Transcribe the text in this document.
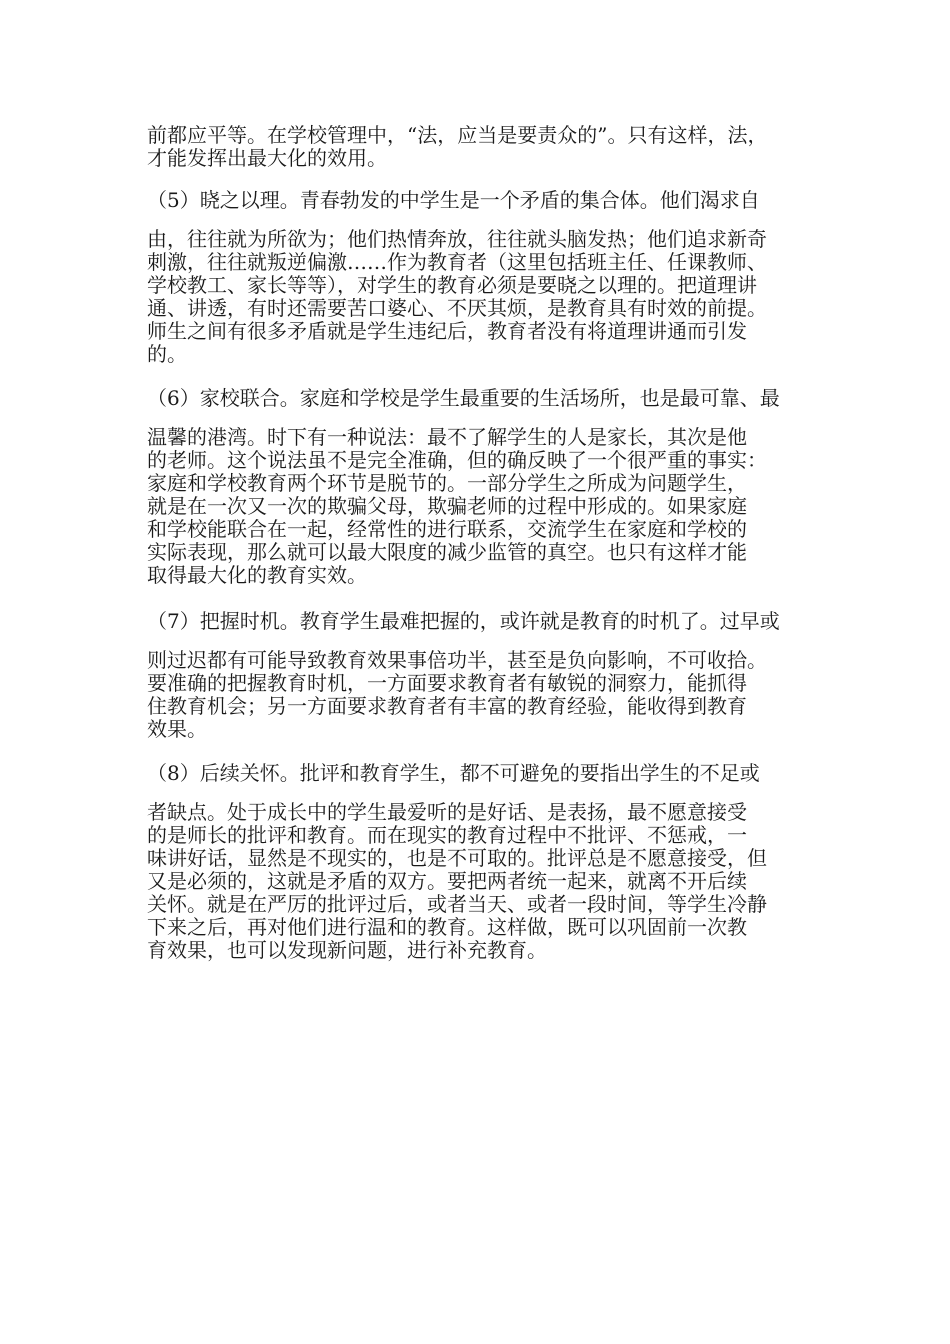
前都应平等。在学校管理中，“法，应当是要责众的”。只有这样，法，
才能发挥出最大化的效用。
（5）晓之以理。青春勃发的中学生是一个矛盾的集合体。他们渴求自
由，往往就为所欲为；他们热情奔放，往往就头脑发热；他们追求新奇
刺激，往往就叛逆偏激……作为教育者（这里包括班主任、任课教师、
学校教工、家长等等），对学生的教育必须是要晓之以理的。把道理讲
通、讲透，有时还需要苦口婆心、不厌其烦，是教育具有时效的前提。
师生之间有很多矛盾就是学生违纪后，教育者没有将道理讲通而引发
的。
（6）家校联合。家庭和学校是学生最重要的生活场所，也是最可靠、最
温馨的港湾。时下有一种说法：最不了解学生的人是家长，其次是他
的老师。这个说法虽不是完全准确，但的确反映了一个很严重的事实：
家庭和学校教育两个环节是脱节的。一部分学生之所成为问题学生，
就是在一次又一次的欺骗父母，欺骗老师的过程中形成的。如果家庭
和学校能联合在一起，经常性的进行联系，交流学生在家庭和学校的
实际表现，那么就可以最大限度的减少监管的真空。也只有这样才能
取得最大化的教育实效。
（7）把握时机。教育学生最难把握的，或许就是教育的时机了。过早或
则过迟都有可能导致教育效果事倍功半，甚至是负向影响，不可收拾。
要准确的把握教育时机，一方面要求教育者有敏锐的洞察力，能抓得
住教育机会；另一方面要求教育者有丰富的教育经验，能收得到教育
效果。
（8）后续关怀。批评和教育学生，都不可避免的要指出学生的不足或
者缺点。处于成长中的学生最爱听的是好话、是表扬，最不愿意接受
的是师长的批评和教育。而在现实的教育过程中不批评、不惩戒，一
味讲好话，显然是不现实的，也是不可取的。批评总是不愿意接受，但
又是必须的，这就是矛盾的双方。要把两者统一起来，就离不开后续
关怀。就是在严厉的批评过后，或者当天、或者一段时间，等学生冷静
下来之后，再对他们进行温和的教育。这样做，既可以巩固前一次教
育效果，也可以发现新问题，进行补充教育。
